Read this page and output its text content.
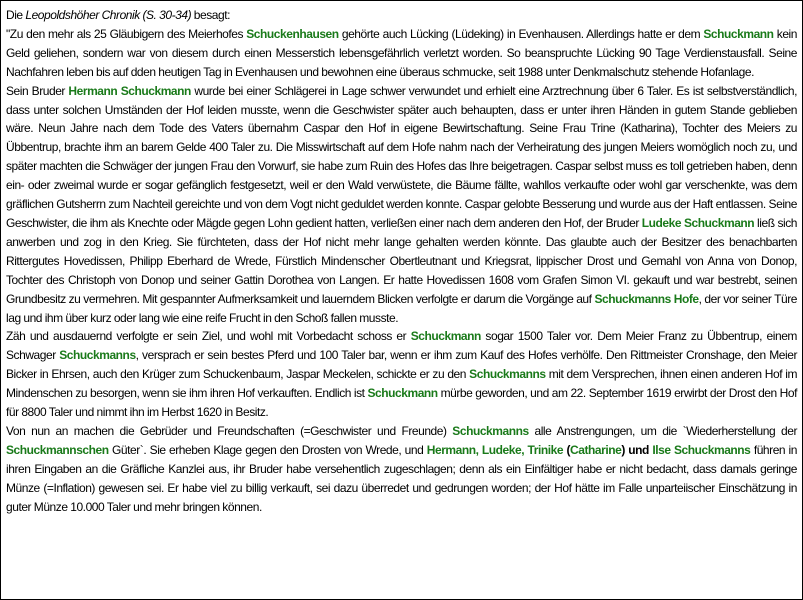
Die Leopoldshöher Chronik (S. 30-34) besagt:

"Zu den mehr als 25 Gläubigern des Meierhofes Schuckenhausen gehörte auch Lücking (Lüdeking) in Evenhausen. Allerdings hatte er dem Schuckmann kein Geld geliehen, sondern war von diesem durch einen Messerstich lebensgefährlich verletzt worden. So beanspruchte Lücking 90 Tage Verdienstausfall. Seine Nachfahren leben bis auf dden heutigen Tag in Evenhausen und bewohnen eine überaus schmucke, seit 1988 unter Denkmalschutz stehende Hofanlage.

Sein Bruder Hermann Schuckmann wurde bei einer Schlägerei in Lage schwer verwundet und erhielt eine Arztrechnung über 6 Taler. Es ist selbstverständlich, dass unter solchen Umständen der Hof leiden musste, wenn die Geschwister später auch behaupten, dass er unter ihren Händen in gutem Stande geblieben wäre. Neun Jahre nach dem Tode des Vaters übernahm Caspar den Hof in eigene Bewirtschaftung. Seine Frau Trine (Katharina), Tochter des Meiers zu Übbentrup, brachte ihm an barem Gelde 400 Taler zu. Die Misswirtschaft auf dem Hofe nahm nach der Verheiratung des jungen Meiers womöglich noch zu, und später machten die Schwäger der jungen Frau den Vorwurf, sie habe zum Ruin des Hofes das Ihre beigetragen. Caspar selbst muss es toll getrieben haben, denn ein- oder zweimal wurde er sogar gefänglich festgesetzt, weil er den Wald verwüstete, die Bäume fällte, wahllos verkaufte oder wohl gar verschenkte, was dem gräflichen Gutsherrn zum Nachteil gereichte und von dem Vogt nicht geduldet werden konnte. Caspar gelobte Besserung und wurde aus der Haft entlassen. Seine Geschwister, die ihm als Knechte oder Mägde gegen Lohn gedient hatten, verließen einer nach dem anderen den Hof, der Bruder Ludeke Schuckmann ließ sich anwerben und zog in den Krieg. Sie fürchteten, dass der Hof nicht mehr lange gehalten werden könnte. Das glaubte auch der Besitzer des benachbarten Rittergutes Hovedissen, Philipp Eberhard de Wrede, Fürstlich Mindenscher Obertleutnant und Kriegsrat, lippischer Drost und Gemahl von Anna von Donop, Tochter des Christoph von Donop und seiner Gattin Dorothea von Langen. Er hatte Hovedissen 1608 vom Grafen Simon VI. gekauft und war bestrebt, seinen Grundbesitz zu vermehren. Mit gespannter Aufmerksamkeit und lauerndem Blicken verfolgte er darum die Vorgänge auf Schuckmanns Hofe, der vor seiner Türe lag und ihm über kurz oder lang wie eine reife Frucht in den Schoß fallen musste.

Zäh und ausdauernd verfolgte er sein Ziel, und wohl mit Vorbedacht schoss er Schuckmann sogar 1500 Taler vor. Dem Meier Franz zu Übbentrup, einem Schwager Schuckmanns, versprach er sein bestes Pferd und 100 Taler bar, wenn er ihm zum Kauf des Hofes verhölfe. Den Rittmeister Cronshage, den Meier Bicker in Ehrsen, auch den Krüger zum Schuckenbaum, Jaspar Meckelen, schickte er zu den Schuckmanns mit dem Versprechen, ihnen einen anderen Hof im Mindenschen zu besorgen, wenn sie ihm ihren Hof verkauften. Endlich ist Schuckmann mürbe geworden, und am 22. September 1619 erwirbt der Drost den Hof für 8800 Taler und nimmt ihn im Herbst 1620 in Besitz.

Von nun an machen die Gebrüder und Freundschaften (=Geschwister und Freunde) Schuckmanns alle Anstrengungen, um die `Wiederherstellung der Schuckmannschen Güter`. Sie erheben Klage gegen den Drosten von Wrede, und Hermann, Ludeke, Trinike (Catharine) und Ilse Schuckmanns führen in ihren Eingaben an die Gräfliche Kanzlei aus, ihr Bruder habe versehentlich zugeschlagen; denn als ein Einfältiger habe er nicht bedacht, dass damals geringe Münze (=Inflation) gewesen sei. Er habe viel zu billig verkauft, sei dazu überredet und gedrungen worden; der Hof hätte im Falle unparteiischer Einschätzung in guter Münze 10.000 Taler und mehr bringen können.
